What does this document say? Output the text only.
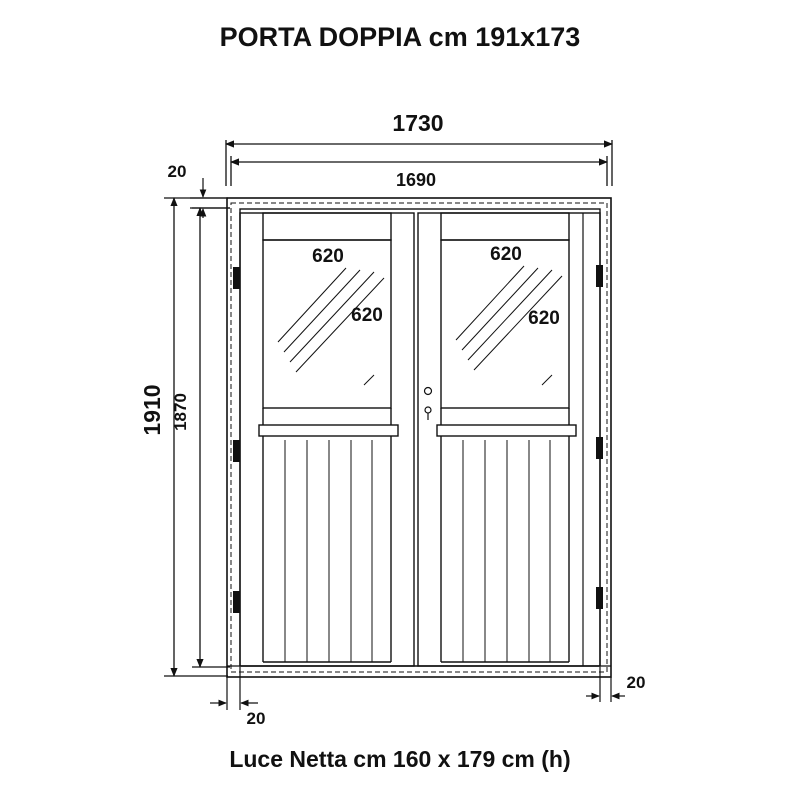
PORTA DOPPIA cm 191x173
1730
1690
20
1910 1870
620
620
620
620
20
20
Luce Netta cm 160 x 179 cm (h)
